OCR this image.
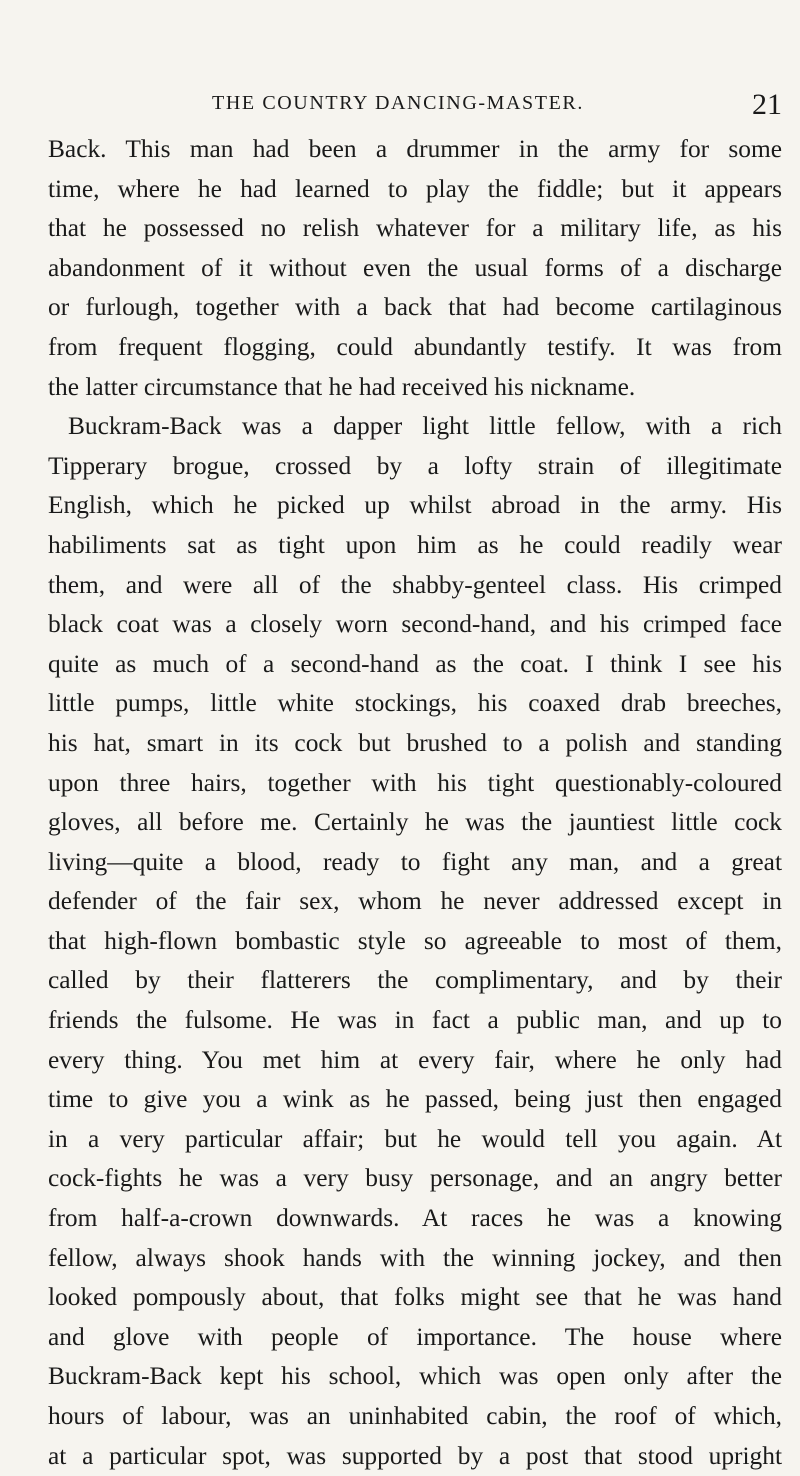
THE COUNTRY DANCING-MASTER.	21
Back. This man had been a drummer in the army for some
time, where he had learned to play the fiddle; but it appears
that he possessed no relish whatever for a military life, as his
abandonment of it without even the usual forms of a discharge
or furlough, together with a back that had become cartilaginous
from frequent flogging, could abundantly testify. It was from
the latter circumstance that he had received his nickname.
Buckram-Back was a dapper light little fellow, with a rich
Tipperary brogue, crossed by a lofty strain of illegitimate
English, which he picked up whilst abroad in the army. His
habiliments sat as tight upon him as he could readily wear
them, and were all of the shabby-genteel class. His crimped
black coat was a closely worn second-hand, and his crimped face
quite as much of a second-hand as the coat. I think I see his
little pumps, little white stockings, his coaxed drab breeches,
his hat, smart in its cock but brushed to a polish and standing
upon three hairs, together with his tight questionably-coloured
gloves, all before me. Certainly he was the jauntiest little cock
living—quite a blood, ready to fight any man, and a great
defender of the fair sex, whom he never addressed except in
that high-flown bombastic style so agreeable to most of them,
called by their flatterers the complimentary, and by their
friends the fulsome. He was in fact a public man, and up to
every thing. You met him at every fair, where he only had
time to give you a wink as he passed, being just then engaged
in a very particular affair; but he would tell you again. At
cock-fights he was a very busy personage, and an angry better
from half-a-crown downwards. At races he was a knowing
fellow, always shook hands with the winning jockey, and then
looked pompously about, that folks might see that he was hand
and glove with people of importance. The house where
Buckram-Back kept his school, which was open only after the
hours of labour, was an uninhabited cabin, the roof of which,
at a particular spot, was supported by a post that stood upright
